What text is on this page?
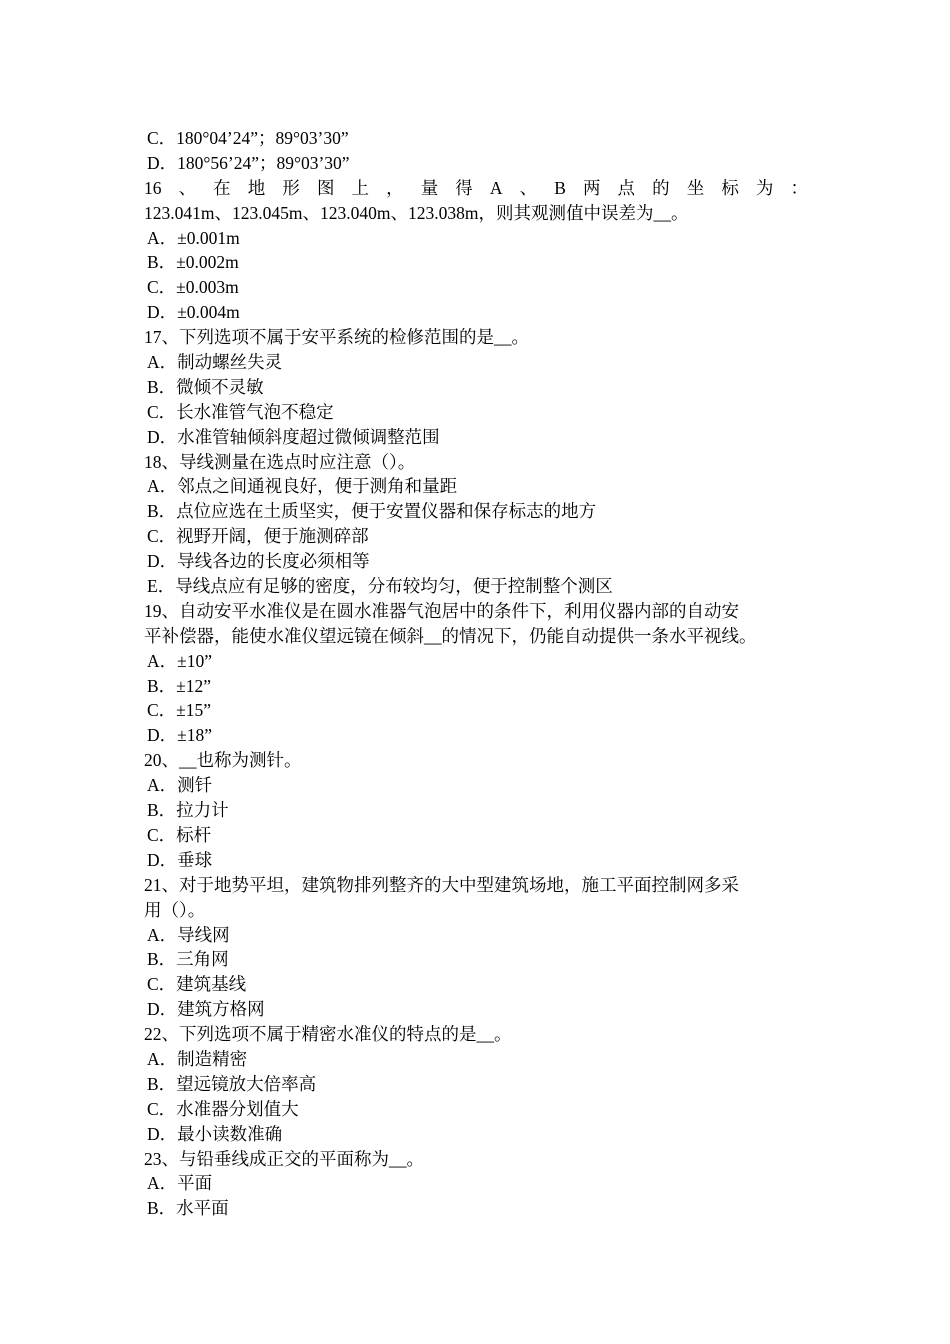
C．180°04’24”；89°03’30”
D．180°56’24”；89°03’30”
16、在地形图上，量得A、B两点的坐标为：
123.041m、123.045m、123.040m、123.038m，则其观测值中误差为__。
A．±0.001m
B．±0.002m
C．±0.003m
D．±0.004m
17、下列选项不属于安平系统的检修范围的是__。
A．制动螺丝失灵
B．微倾不灵敏
C．长水准管气泡不稳定
D．水准管轴倾斜度超过微倾调整范围
18、导线测量在选点时应注意（）。
A．邻点之间通视良好，便于测角和量距
B．点位应选在土质坚实，便于安置仪器和保存标志的地方
C．视野开阔，便于施测碎部
D．导线各边的长度必须相等
E．导线点应有足够的密度，分布较均匀，便于控制整个测区
19、自动安平水准仪是在圆水准器气泡居中的条件下，利用仪器内部的自动安
平补偿器，能使水准仪望远镜在倾斜__的情况下，仍能自动提供一条水平视线。
A．±10”
B．±12”
C．±15”
D．±18”
20、__也称为测针。
A．测钎
B．拉力计
C．标杆
D．垂球
21、对于地势平坦，建筑物排列整齐的大中型建筑场地，施工平面控制网多采
用（）。
A．导线网
B．三角网
C．建筑基线
D．建筑方格网
22、下列选项不属于精密水准仪的特点的是__。
A．制造精密
B．望远镜放大倍率高
C．水准器分划值大
D．最小读数准确
23、与铅垂线成正交的平面称为__。
A．平面
B．水平面
